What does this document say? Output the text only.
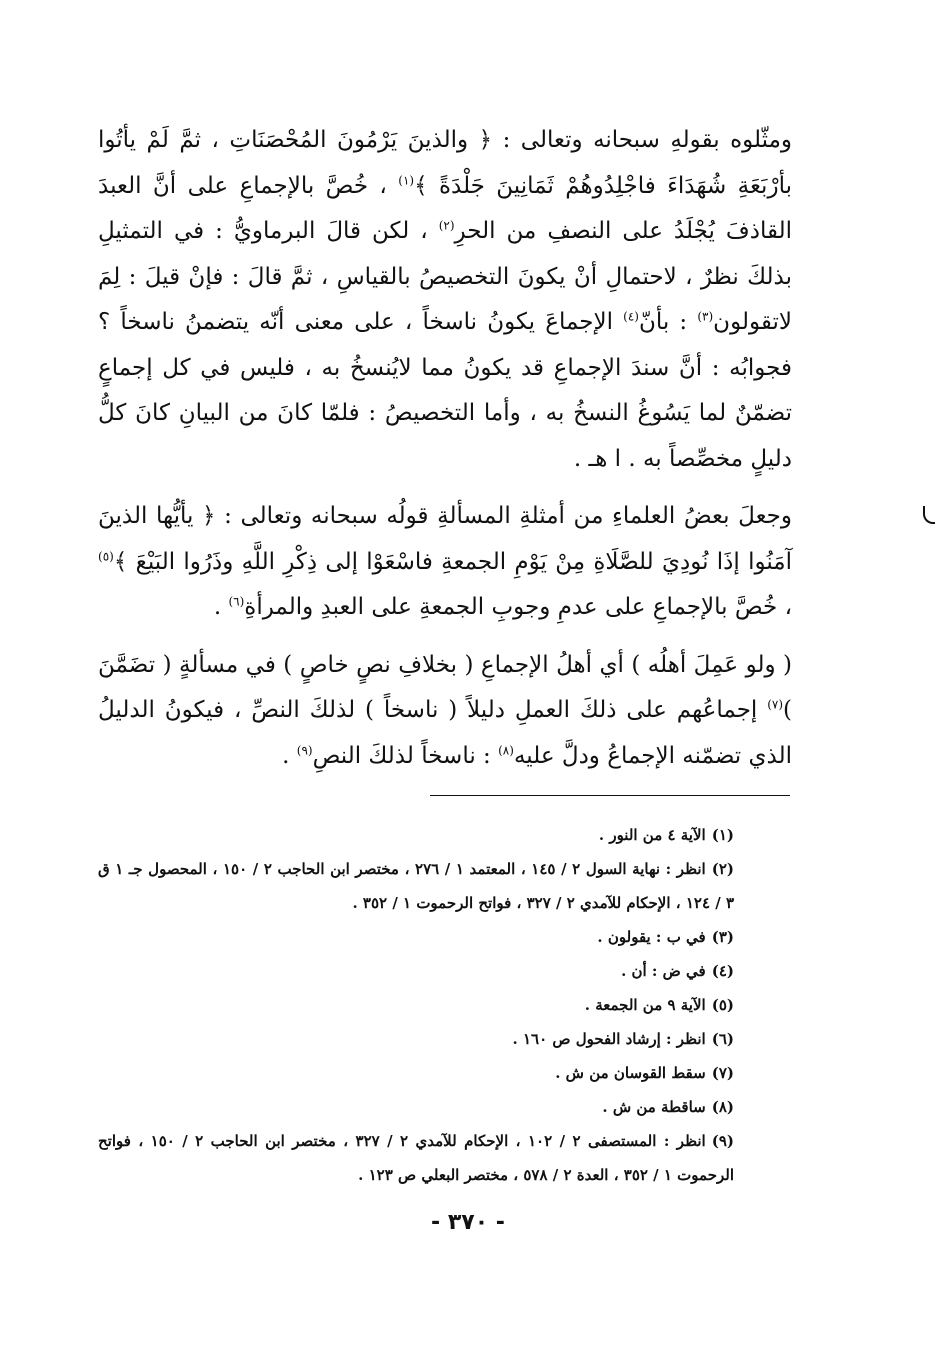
ومثّلوه بقولهِ سبحانه وتعالى : ﴿ والذينَ يَرْمُونَ المُحْصَنَاتِ ، ثمَّ لَمْ يأتُوا بأرْبَعَةِ شُهَدَاءَ فاجْلِدُوهُمْ ثَمَانِينَ جَلْدَةً ﴾$^{(١)}$ ، خُصَّ بالإجماعِ على أنَّ العبدَ القاذفَ يُجْلَدُ على النصفِ من الحرِ$^{(٢)}$ ، لكن قالَ البرماويُّ : في التمثيلِ بذلكَ نظرٌ ، لاحتمالِ أنْ يكونَ التخصيصُ بالقياسِ ، ثمَّ قالَ : فإنْ قيلَ : لِمَ لاتقولون$^{(٣)}$ : بأنّ$^{(٤)}$ الإجماعَ يكونُ ناسخاً ، على معنى أنّه يتضمنُ ناسخاً ؟ فجوابُه : أنَّ سندَ الإجماعِ قد يكونُ مما لايُنسخُ به ، فليس في كل إجماعٍ تضمّنٌ لما يَسُوغُ النسخُ به ، وأما التخصيصُ : فلمّا كانَ من البيانِ كانَ كلُّ دليلٍ مخصِّصاً به . ا هـ .

وجعلَ بعضُ العلماءِ من أمثلةِ المسألةِ قولُه سبحانه وتعالى : ﴿ يأيُّها الذينَ آمَنُوا إذَا نُودِيَ للصَّلَاةِ مِنْ يَوْمِ الجمعةِ فاسْعَوْا إلى ذِكْرِ اللَّهِ وذَرُوا البَيْعَ ﴾$^{(٥)}$ ، خُصَّ بالإجماعِ على عدمِ وجوبِ الجمعةِ على العبدِ والمرأةِ$^{(٦)}$ .

( ولو عَمِلَ أهلُه ) أي أهلُ الإجماعِ ( بخلافِ نصٍ خاصٍ ) في مسألةٍ ( تضَمَّنَ )$^{(٧)}$ إجماعُهم على ذلكَ العملِ دليلاً ( ناسخاً ) لذلكَ النصِّ ، فيكونُ الدليلُ الذي تضمّنه الإجماعُ ودلَّ عليه$^{(٨)}$ : ناسخاً لذلكَ النصِ$^{(٩)}$ .

(١)الآية ٤ من النور .
(٢)انظر : نهاية السول ٢ / ١٤٥ ، المعتمد ١ / ٢٧٦ ، مختصر ابن الحاجب ٢ / ١٥٠ ، المحصول جـ ١ ق ٣ / ١٢٤ ، الإحكام للآمدي ٢ / ٣٢٧ ، فواتح الرحموت ١ / ٣٥٢ .
(٣)في ب : يقولون .
(٤)في ض : أن .
(٥)الآية ٩ من الجمعة .
(٦)انظر : إرشاد الفحول ص ١٦٠ .
(٧)سقط القوسان من ش .
(٨)ساقطة من ش .
(٩)انظر : المستصفى ٢ / ١٠٢ ، الإحكام للآمدي ٢ / ٣٢٧ ، مختصر ابن الحاجب ٢ / ١٥٠ ، فواتح الرحموت ١ / ٣٥٢ ، العدة ٢ / ٥٧٨ ، مختصر البعلي ص ١٢٣ .
- ٣٧٠ -
